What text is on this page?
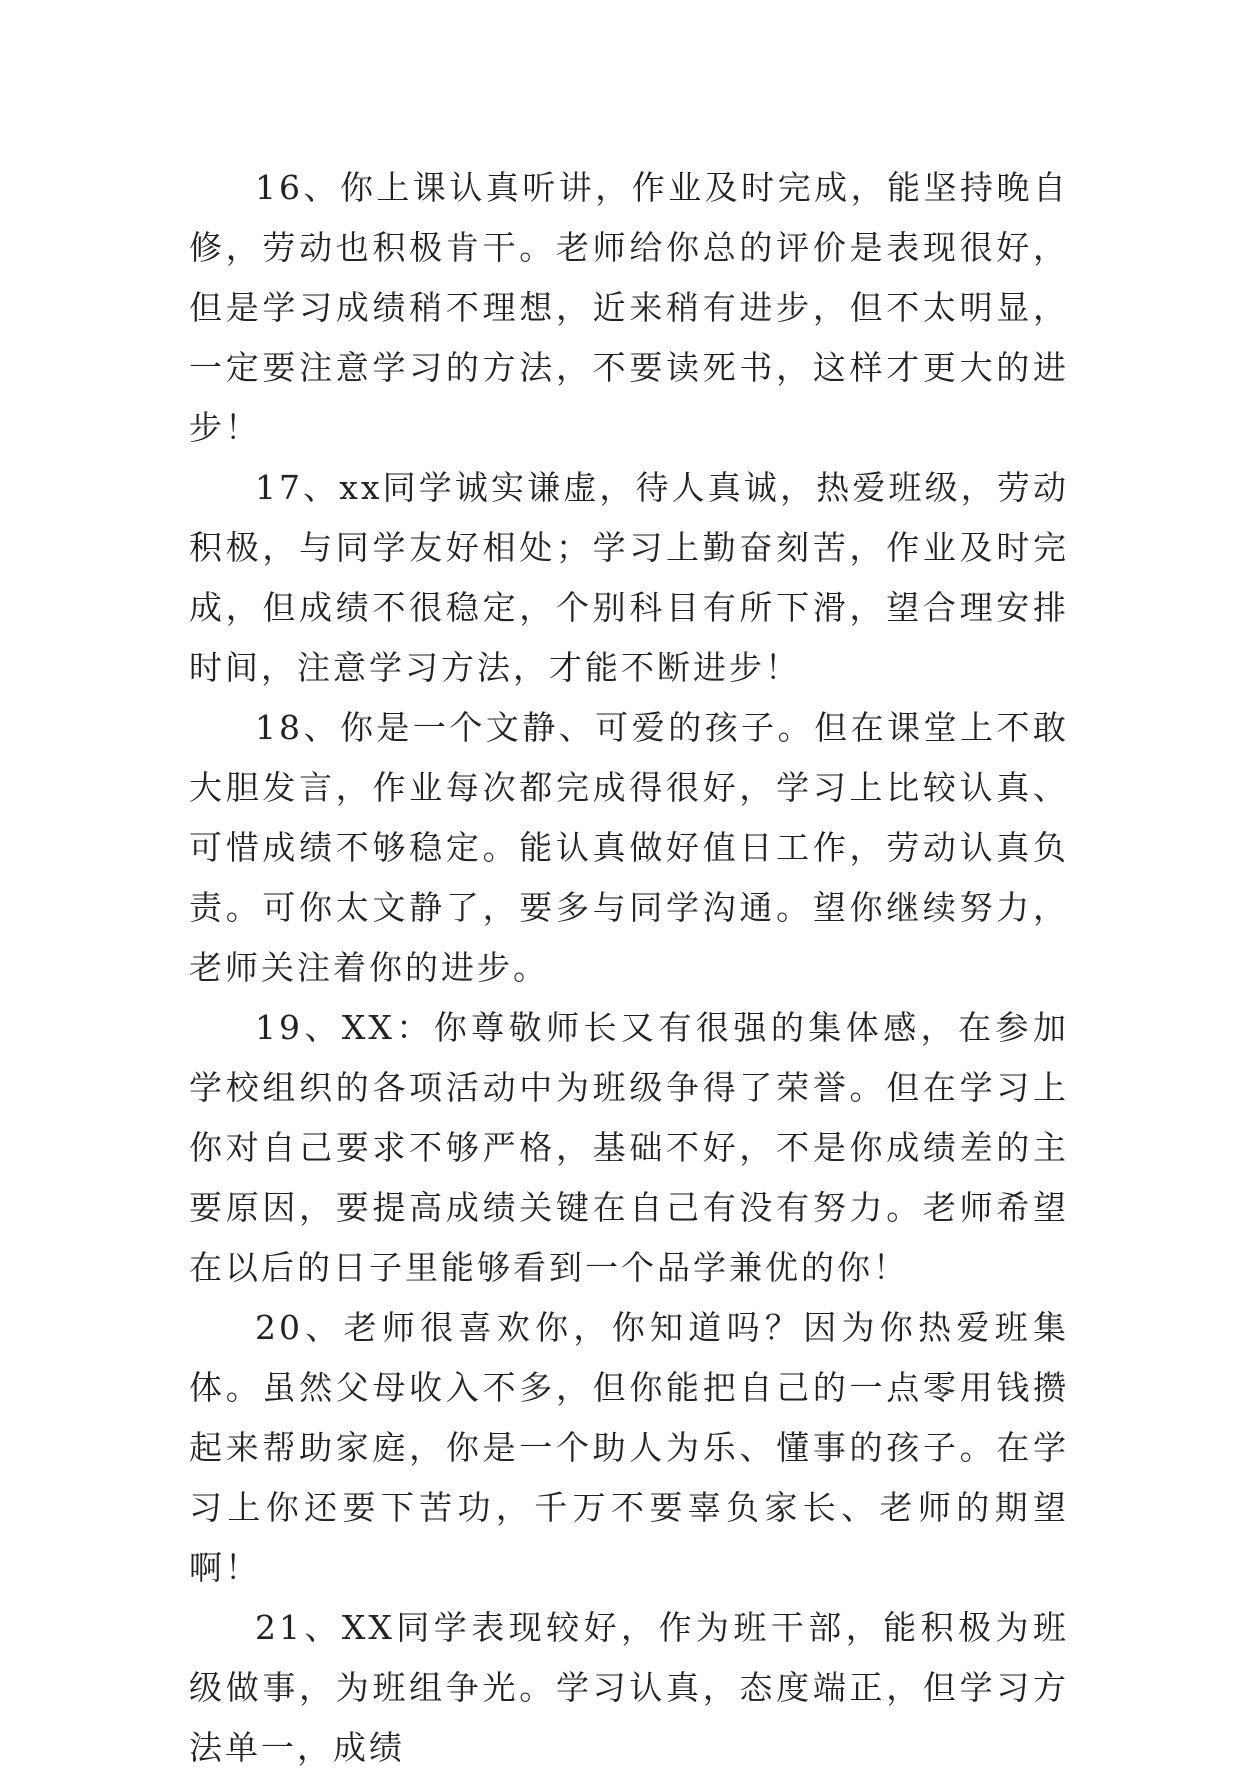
16、你上课认真听讲，作业及时完成，能坚持晚自修，劳动也积极肯干。老师给你总的评价是表现很好，但是学习成绩稍不理想，近来稍有进步，但不太明显，一定要注意学习的方法，不要读死书，这样才更大的进步！

17、xx同学诚实谦虚，待人真诚，热爱班级，劳动积极，与同学友好相处；学习上勤奋刻苦，作业及时完成，但成绩不很稳定，个别科目有所下滑，望合理安排时间，注意学习方法，才能不断进步！

18、你是一个文静、可爱的孩子。但在课堂上不敢大胆发言，作业每次都完成得很好，学习上比较认真、可惜成绩不够稳定。能认真做好值日工作，劳动认真负责。可你太文静了，要多与同学沟通。望你继续努力，老师关注着你的进步。

19、XX：你尊敬师长又有很强的集体感，在参加学校组织的各项活动中为班级争得了荣誉。但在学习上你对自己要求不够严格，基础不好，不是你成绩差的主要原因，要提高成绩关键在自己有没有努力。老师希望在以后的日子里能够看到一个品学兼优的你！

20、老师很喜欢你，你知道吗？因为你热爱班集体。虽然父母收入不多，但你能把自己的一点零用钱攒起来帮助家庭，你是一个助人为乐、懂事的孩子。在学习上你还要下苦功，千万不要辜负家长、老师的期望啊！

21、XX同学表现较好，作为班干部，能积极为班级做事，为班组争光。学习认真，态度端正，但学习方法单一，成绩
